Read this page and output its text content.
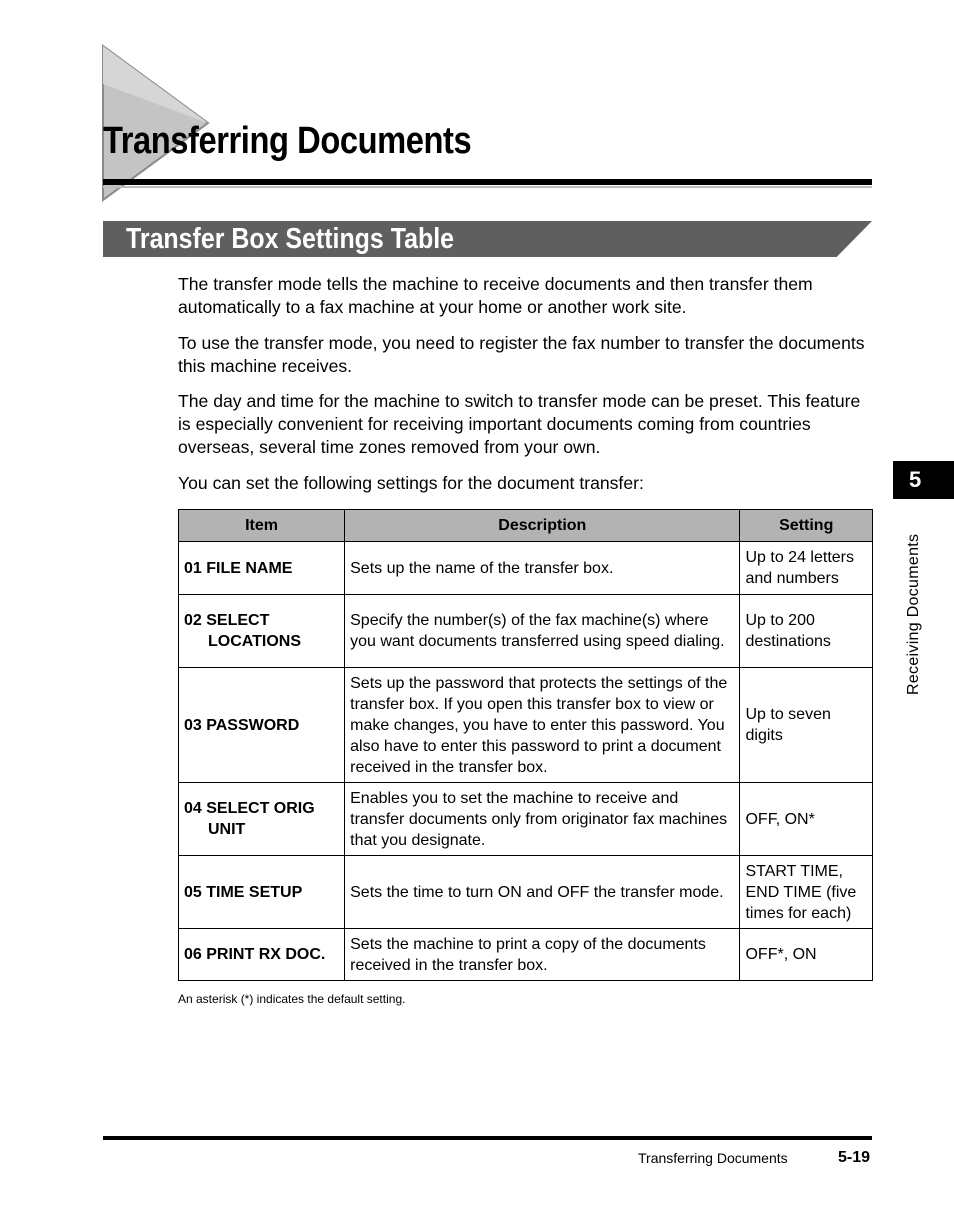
Transferring Documents
Transfer Box Settings Table

The transfer mode tells the machine to receive documents and then transfer them automatically to a fax machine at your home or another work site.

To use the transfer mode, you need to register the fax number to transfer the documents this machine receives.

The day and time for the machine to switch to transfer mode can be preset. This feature is especially convenient for receiving important documents coming from countries overseas, several time zones removed from your own.

You can set the following settings for the document transfer:

Item	Description	Setting

01 FILE NAME	Sets up the name of the transfer box.	Up to 24 letters and numbers

02 SELECT LOCATIONS	Specify the number(s) of the fax machine(s) where you want documents transferred using speed dialing.	Up to 200 destinations

03 PASSWORD	Sets up the password that protects the settings of the transfer box. If you open this transfer box to view or make changes, you have to enter this password. You also have to enter this password to print a document received in the transfer box.	Up to seven digits

04 SELECT ORIG UNIT	Enables you to set the machine to receive and transfer documents only from originator fax machines that you designate.	OFF, ON*

05 TIME SETUP	Sets the time to turn ON and OFF the transfer mode.	START TIME, END TIME (five times for each)

06 PRINT RX DOC.	Sets the machine to print a copy of the documents received in the transfer box.	OFF*, ON

An asterisk (*) indicates the default setting.

5
Receiving Documents
Transferring Documents	5-19
